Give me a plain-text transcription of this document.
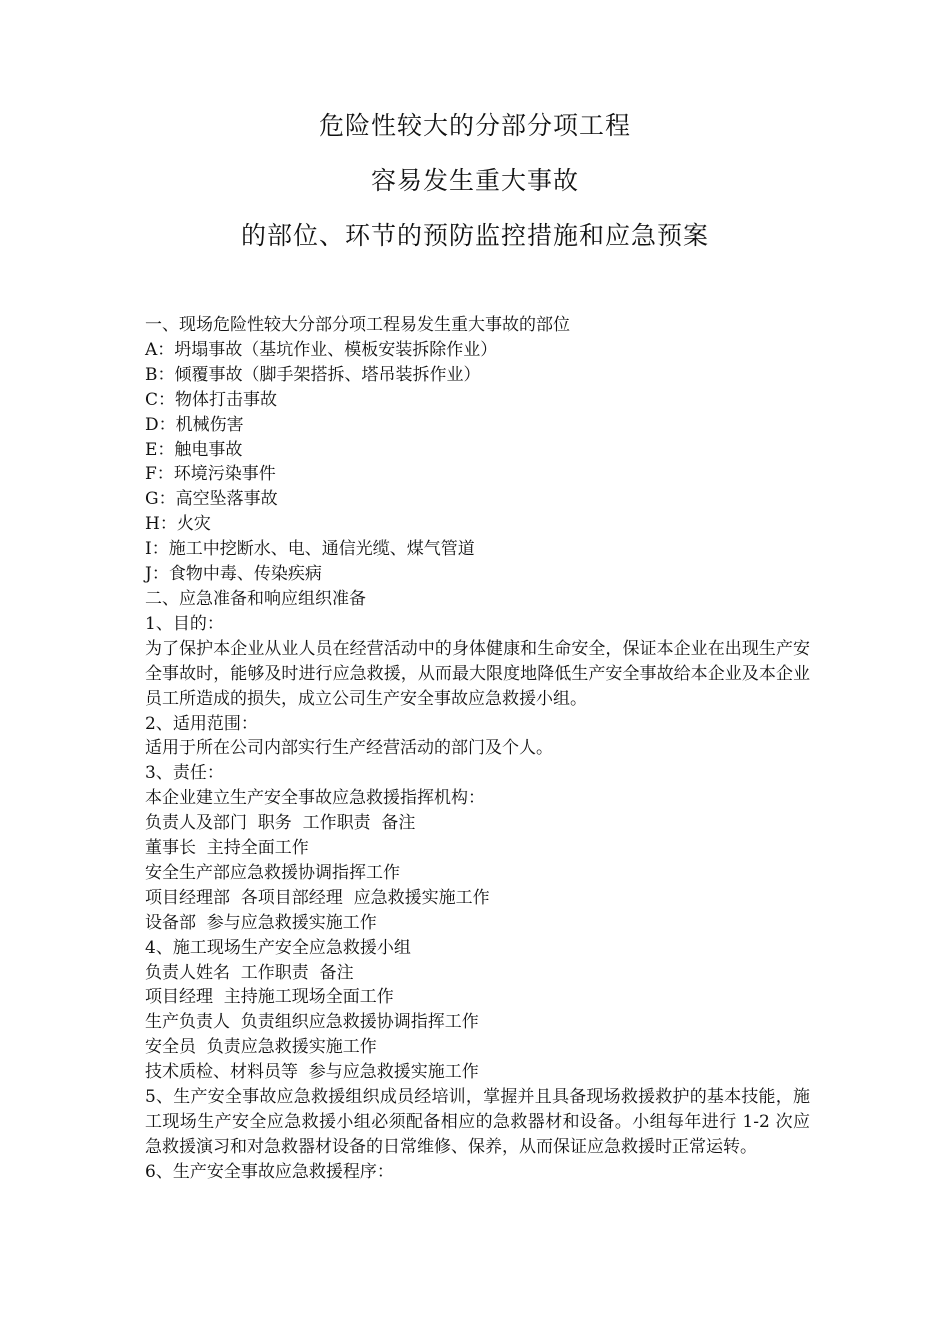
危险性较大的分部分项工程
容易发生重大事故
的部位、环节的预防监控措施和应急预案
一、现场危险性较大分部分项工程易发生重大事故的部位
A：坍塌事故（基坑作业、模板安装拆除作业）
B：倾覆事故（脚手架搭拆、塔吊装拆作业）
C：物体打击事故
D：机械伤害
E：触电事故
F：环境污染事件
G：高空坠落事故
H：火灾
I：施工中挖断水、电、通信光缆、煤气管道
J：食物中毒、传染疾病
二、应急准备和响应组织准备
1、目的：
为了保护本企业从业人员在经营活动中的身体健康和生命安全，保证本企业在出现生产安全事故时，能够及时进行应急救援，从而最大限度地降低生产安全事故给本企业及本企业员工所造成的损失，成立公司生产安全事故应急救援小组。
2、适用范围：
适用于所在公司内部实行生产经营活动的部门及个人。
3、责任：
本企业建立生产安全事故应急救援指挥机构：
负责人及部门  职务  工作职责  备注
董事长  主持全面工作
安全生产部应急救援协调指挥工作
项目经理部  各项目部经理  应急救援实施工作
设备部  参与应急救援实施工作
4、施工现场生产安全应急救援小组
负责人姓名  工作职责  备注
项目经理  主持施工现场全面工作
生产负责人  负责组织应急救援协调指挥工作
安全员  负责应急救援实施工作
技术质检、材料员等  参与应急救援实施工作
5、生产安全事故应急救援组织成员经培训，掌握并且具备现场救援救护的基本技能，施工现场生产安全应急救援小组必须配备相应的急救器材和设备。小组每年进行 1-2 次应急救援演习和对急救器材设备的日常维修、保养，从而保证应急救援时正常运转。
6、生产安全事故应急救援程序：
